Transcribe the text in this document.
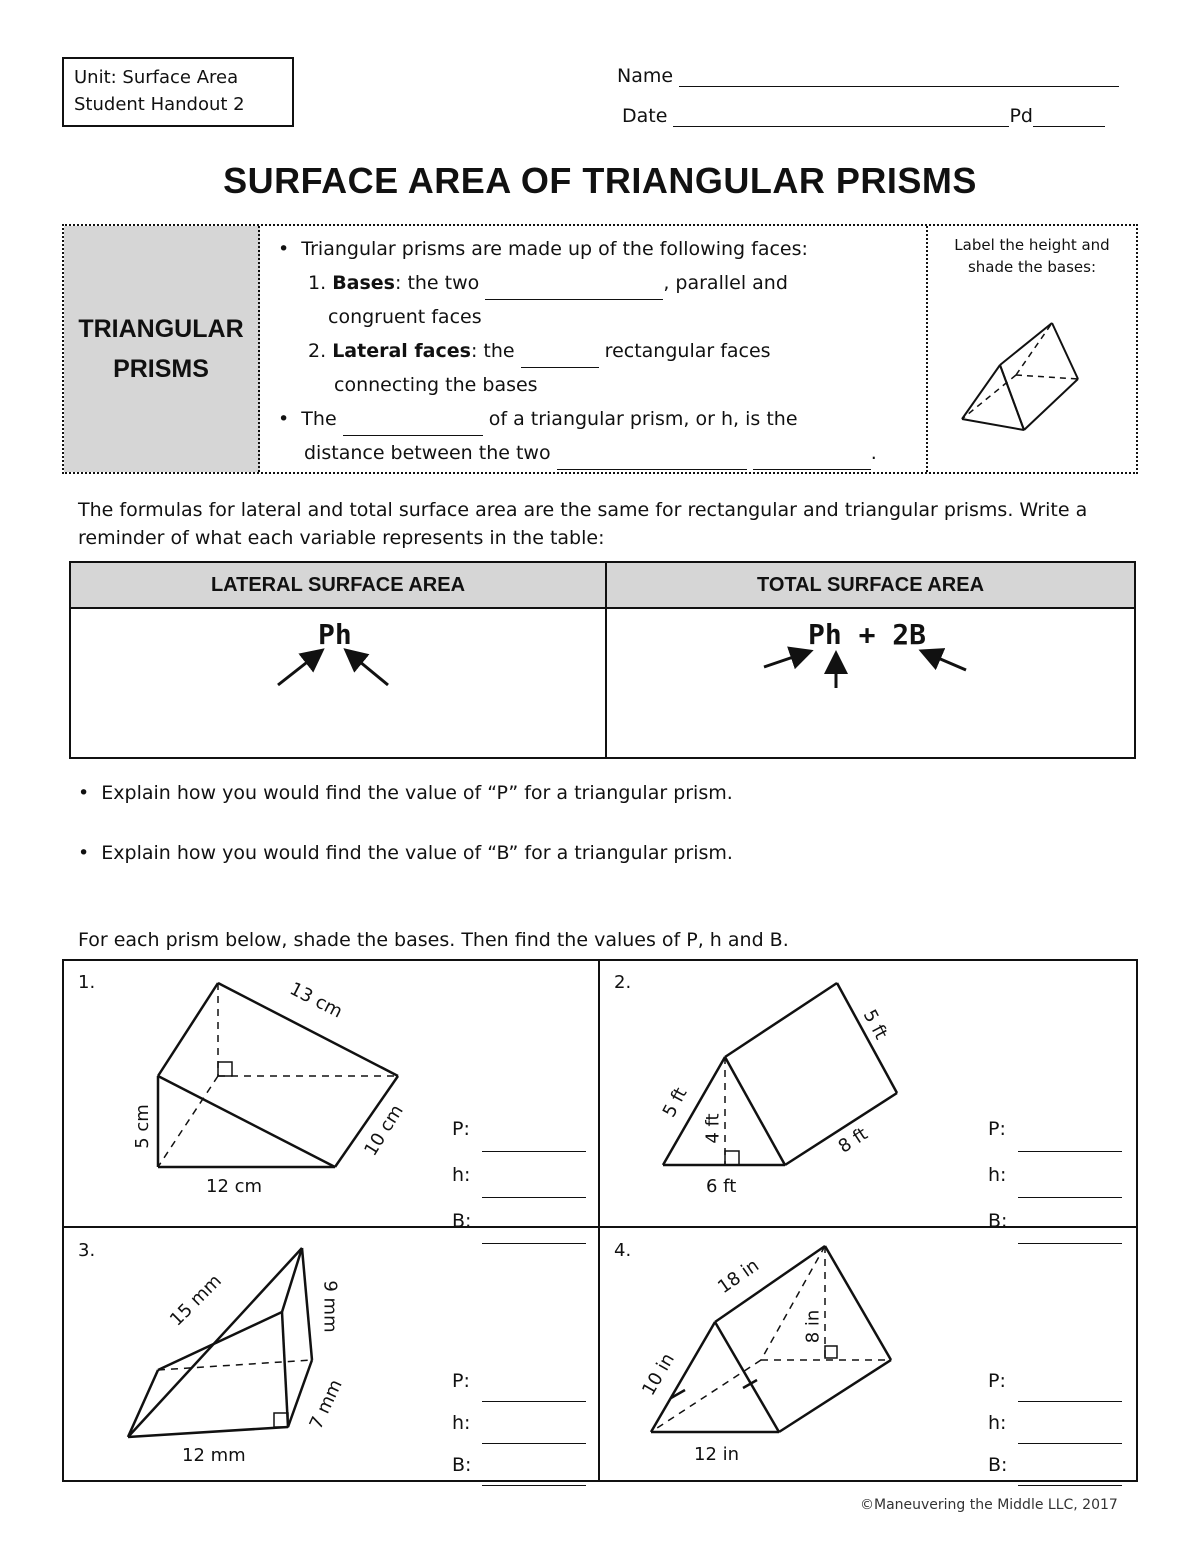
Unit: Surface Area
Student Handout 2
Name
Date	Pd
SURFACE AREA OF TRIANGULAR PRISMS
TRIANGULAR
PRISMS
•  Triangular prisms are made up of the following faces:
1. Bases: the two	, parallel and
congruent faces
2. Lateral faces: the	rectangular faces
connecting the bases
•  The	of a triangular prism, or h, is the
distance between the two	.
Label the height and shade the bases:
The formulas for lateral and total surface area are the same for rectangular and triangular prisms. Write a reminder of what each variable represents in the table:
LATERAL SURFACE AREA	TOTAL SURFACE AREA

Ph	Ph + 2B
•  Explain how you would find the value of “P” for a triangular prism.
•  Explain how you would find the value of “B” for a triangular prism.
For each prism below, shade the bases. Then find the values of P, h and B.
1.	13 cm
5 cm
12 cm
10 cm
2.
5 ft
5 ft
4 ft
6 ft
8 ft
3.
15 mm	9 mm
7 mm
12 mm
4.
18 in
8 in
10 in
12 in
P:
h:
B:
P:
h:
B:
P:
h:
B:
P:
h:
B:
©Maneuvering the Middle LLC, 2017
